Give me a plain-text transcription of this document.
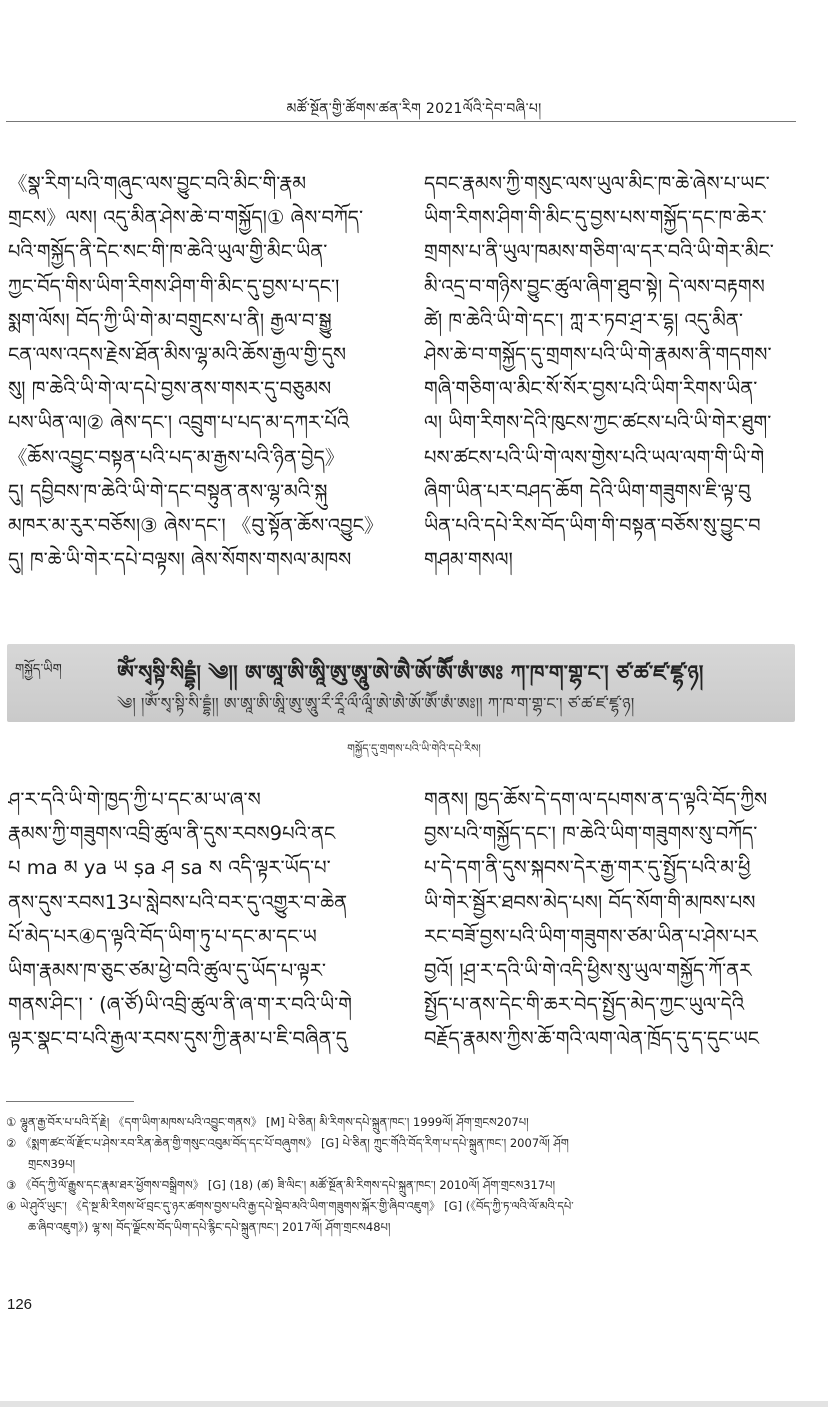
མཚོ་སྔོན་གྱི་ཚོགས་ཚན་རིག 2021ལོའི་དེབ་བཞི་པ།
《སྣ་རིག་པའི་གཞུང་ལས་བྱུང་བའི་མིང་གི་རྣམ
གྲངས》ལས། འདུ་མིན་ཤེས་ཆེ་བ་གསྐྱོད།① ཞེས་བཀོད་
པའི་གསྐྱོད་ནི་དེང་སང་གི་ཁ་ཆེའི་ཡུལ་གྱི་མིང་ཡིན་
ཀྱང་བོད་གིས་ཡིག་རིགས་ཤིག་གི་མིང་དུ་བྱས་པ་དང་།
སྨག་ལོས། བོད་ཀྱི་ཡི་གེ་མ་བགྲུངས་པ་ནི། རྒྱལ་བ་སྒྱུ
ངན་ལས་འདས་རྗེས་ཐོན་མིས་ལྷ་མའི་ཆོས་རྒྱལ་གྱི་དུས
སུ། ཁ་ཆེའི་ཡི་གེ་ལ་དཔེ་བྱས་ནས་གསར་དུ་བཅུམས
པས་ཡིན་ལ།② ཞེས་དང་། འབྲུག་པ་པད་མ་དཀར་པོའི
《ཆོས་འབྱུང་བསྟན་པའི་པད་མ་རྒྱས་པའི་ཉིན་བྱེད》
དུ། དབྱིབས་ཁ་ཆེའི་ཡི་གེ་དང་བསྟུན་ནས་ལྷ་མའི་སྐུ
མཁར་མ་རུར་བཅོས།③ ཞེས་དང་། 《བུ་སྟོན་ཆོས་འབྱུང》
དུ། ཁ་ཆེ་ཡི་གེར་དཔེ་བལྟས། ཞེས་སོགས་གསལ་མཁས
དབང་རྣམས་ཀྱི་གསུང་ལས་ཡུལ་མིང་ཁ་ཆེ་ཞེས་པ་ཡང་
ཡིག་རིགས་ཤིག་གི་མིང་དུ་བྱས་པས་གསྐྱོད་དང་ཁ་ཆེར་
གྲགས་པ་ནི་ཡུལ་ཁམས་གཅིག་ལ་དར་བའི་ཡི་གེར་མིང་
མི་འདྲ་བ་གཉིས་བྱུང་ཚུལ་ཞིག་ཐུབ་སྟེ། དེ་ལས་བརྟགས
ཚེ། ཁ་ཆེའི་ཡི་གེ་དང་། ཀླ་ར་ཏབ་ཤྲ་ར་དྷ། འདུ་མིན་
ཤེས་ཆེ་བ་གསྐྱོད་དུ་གྲགས་པའི་ཡི་གེ་རྣམས་ནི་གདགས་
གཞི་གཅིག་ལ་མིང་སོ་སོར་བྱས་པའི་ཡིག་རིགས་ཡིན་
ལ། ཡིག་རིགས་དེའི་ཁུངས་ཀྱང་ཚངས་པའི་ཡི་གེར་ཐུག་
པས་ཚངས་པའི་ཡི་གེ་ལས་གྱེས་པའི་ཡལ་ལག་གི་ཡི་གེ
ཞིག་ཡིན་པར་བཤད་ཆོག དེའི་ཡིག་གཟུགས་ཇི་ལྟ་བུ
ཡིན་པའི་དཔེ་རིས་བོད་ཡིག་གི་བསྟན་བཅོས་སུ་བྱུང་བ
གཤམ་གསལ།
གསྐྱོད་ཡིག	ཨོཾ་སྭསྟི་སིདྡྷཾ། ༄།། ཨ་ཨཱ་ཨི་ཨཱི་ཨུ་ཨཱུ་ཨེ་ཨཻ་ཨོ་ཨཽ་ཨཾ་ཨཿ ཀ་ཁ་ག་གྷ་ང་། ཙ་ཚ་ཛ་ཛྷ་ཉ།
༄། །ཨོཾ་སྭ་སྟི་སི་དྡྷཾ།། ཨ་ཨཱ་ཨི་ཨཱི་ཨུ་ཨཱུ་རྀ་རཱྀ་ལྀ་ལཱྀ་ཨེ་ཨཻ་ཨོ་ཨཽ་ཨཾ་ཨཿ།། ཀ་ཁ་ག་གྷ་ང་། ཙ་ཚ་ཛ་ཛྷ་ཉ།
གསྐྱོད་དུ་གྲགས་པའི་ཡི་གེའི་དཔེ་རིས།
ཤ་ར་དའི་ཡི་གེ་ཁྱད་ཀྱི་པ་དང་མ་ཡ་ཞ་ས
རྣམས་ཀྱི་གཟུགས་འབྲི་ཚུལ་ནི་དུས་རབས9པའི་ནང
པ ma མ ya ཡ ṣa ཤ sa ས འདི་ལྟར་ཡོད་པ་
ནས་དུས་རབས13པ་སླེབས་པའི་བར་དུ་འགྱུར་བ་ཆེན
པོ་མེད་པར④ད་ལྟའི་བོད་ཡིག་ཏུ་པ་དང་མ་དང་ཡ
ཡིག་རྣམས་ཁ་ཅུང་ཙམ་ཕྱེ་བའི་ཚུལ་དུ་ཡོད་པ་ལྟར་
གནས་ཤིང་། ་ (ཞ་ཙོ)ཡི་འབྲི་ཚུལ་ནི་ཞ་ག་ར་བའི་ཡི་གེ
ལྟར་སྣང་བ་པའི་རྒྱལ་རབས་དུས་ཀྱི་རྣམ་པ་ཇི་བཞིན་དུ
གནས། ཁྱད་ཆོས་དེ་དག་ལ་དཔགས་ན་ད་ལྟའི་བོད་ཀྱིས
བྱས་པའི་གསྐྱོད་དང་། ཁ་ཆེའི་ཡིག་གཟུགས་སུ་བཀོད་
པ་དེ་དག་ནི་དུས་སྐབས་དེར་རྒྱ་གར་དུ་སྤྱོད་པའི་མ་ཕྱི
ཡི་གེར་སྦྱོར་ཐབས་མེད་པས། བོད་སོག་གི་མཁས་པས
རང་བཟོ་བྱས་པའི་ཡིག་གཟུགས་ཙམ་ཡིན་པ་ཤེས་པར
བྱའོ། །ཤྲ་ར་དའི་ཡི་གེ་འདི་ཕྱིས་སུ་ཡུལ་གསྐྱོད་ཀོ་ནར
སྤྱོད་པ་ནས་དེང་གི་ཆར་བེད་སྤྱོད་མེད་ཀྱང་ཡུལ་དེའི
བརྗོད་རྣམས་ཀྱིས་ཆོ་གའི་ལག་ལེན་ཁྲོད་དུ་ད་དུང་ཡང
① ལྷུན་རྒྱ་བོར་པ་པའི་དོ་རྗེ། 《དག་ཡིག་མཁས་པའི་འབྱུང་གནས》 [M] པེ་ཅིན། མི་རིགས་དཔེ་སྐྲུན་ཁང་། 1999ལོ། ཤོག་གྲངས207པ།
② 《སྨག་ཚང་ལོ་རྫོང་པ་ཤེས་རབ་རིན་ཆེན་གྱི་གསུང་འབུམ་བོད་དང་པོ་བཞུགས》 [G] པེ་ཅིན། ཀྲུང་གོའི་བོད་རིག་པ་དཔེ་སྐྲུན་ཁང་། 2007ལོ། ཤོག
གྲངས39པ།
③ 《བོད་ཀྱི་ལོ་རྒྱུས་དང་རྣམ་ཐར་ཕྱོགས་བསྒྲིགས》 [G] (18) (ཚ) ཟི་ལིང་། མཚོ་སྔོན་མི་རིགས་དཔེ་སྐྲུན་ཁང་། 2010ལོ། ཤོག་གྲངས317པ།
④ ཡེ་ཤུའོ་ཡུང་། 《དེ་སྔ་མི་རིགས་ཕོ་བྲང་དུ་ཉར་ཚགས་བྱས་པའི་རྒྱ་དཔེ་སྡེབ་མའི་ཡིག་གཟུགས་སྐོར་གྱི་ཞིབ་འཇུག》 [G] (《བོད་ཀྱི་ཏ་ལའི་ལོ་མའི་དཔེ་
ཆ་ཞིབ་འཇུག》) ལྷ་ས། བོད་ལྗོངས་བོད་ཡིག་དཔེ་རྙིང་དཔེ་སྐྲུན་ཁང་། 2017ལོ། ཤོག་གྲངས48པ།
126
